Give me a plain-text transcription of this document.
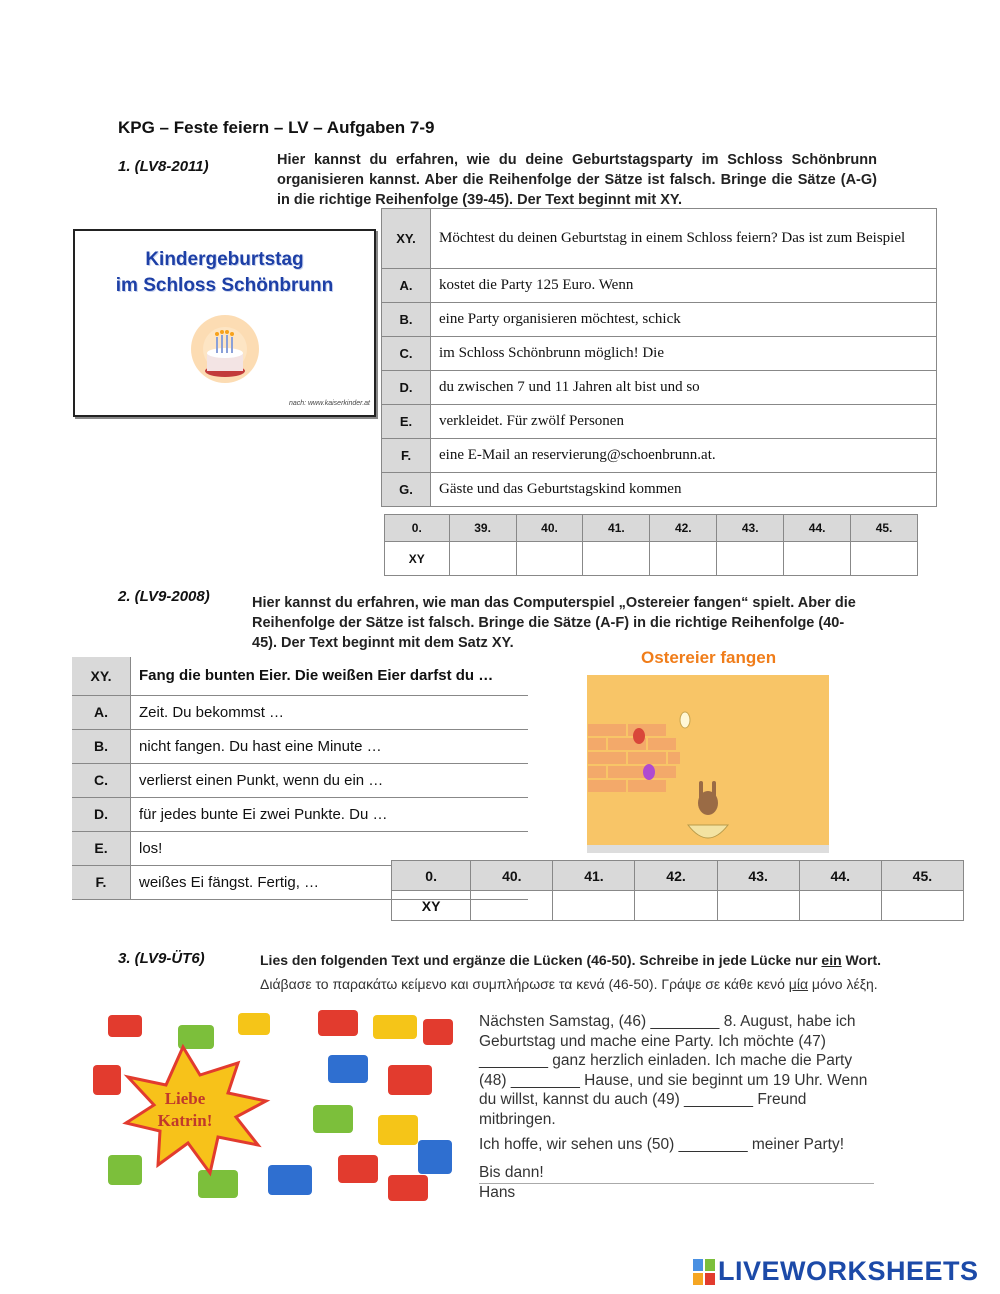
KPG – Feste feiern – LV – Aufgaben 7-9
1. (LV8-2011)	Hier kannst du erfahren, wie du deine Geburtstagsparty im Schloss Schönbrunn organisieren kannst. Aber die Reihenfolge der Sätze ist falsch. Bringe die Sätze (A-G) in die richtige Reihenfolge (39-45). Der Text beginnt mit XY.
Kindergeburtstag
im Schloss Schönbrunn
nach: www.kaiserkinder.at
XY.	Möchtest du deinen Geburtstag in einem Schloss feiern? Das ist zum Beispiel
A.	kostet die Party 125 Euro. Wenn
B.	eine Party organisieren möchtest, schick
C.	im Schloss Schönbrunn möglich! Die
D.	du zwischen 7 und 11 Jahren alt bist und so
E.	verkleidet. Für zwölf Personen
F.	eine E-Mail an reservierung@schoenbrunn.at.
G.	Gäste und das Geburtstagskind kommen
0.	39.	40.	41.	42.	43.	44.	45.
XY							
2. (LV9-2008)	Hier kannst du erfahren, wie man das Computerspiel „Ostereier fangen“ spielt. Aber die Reihenfolge der Sätze ist falsch. Bringe die Sätze (A-F) in die richtige Reihenfolge (40-45). Der Text beginnt mit dem Satz XY.
XY.	Fang die bunten Eier. Die weißen Eier darfst du …
A.	Zeit. Du bekommst …
B.	nicht fangen. Du hast eine Minute …
C.	verlierst einen Punkt, wenn du ein …
D.	für jedes bunte Ei zwei Punkte. Du …
E.	los!
F.	weißes Ei fängst. Fertig, …
Ostereier fangen
0.	40.	41.	42.	43.	44.	45.
XY						
3. (LV9-ÜT6)	Lies den folgenden Text und ergänze die Lücken (46-50). Schreibe in jede Lücke nur ein Wort.
Διάβασε το παρακάτω κείμενο και συμπλήρωσε τα κενά (46-50). Γράψε σε κάθε κενό μία μόνο λέξη.
Liebe
Katrin!
Nächsten Samstag, (46) ________ 8. August, habe ich Geburtstag und mache eine Party. Ich möchte (47) ________ ganz herzlich einladen. Ich mache die Party (48) ________ Hause, und sie beginnt um 19 Uhr. Wenn du willst, kannst du auch (49) ________ Freund mitbringen.
Ich hoffe, wir sehen uns (50) ________ meiner Party!
Bis dann!
Hans
LIVEWORKSHEETS
